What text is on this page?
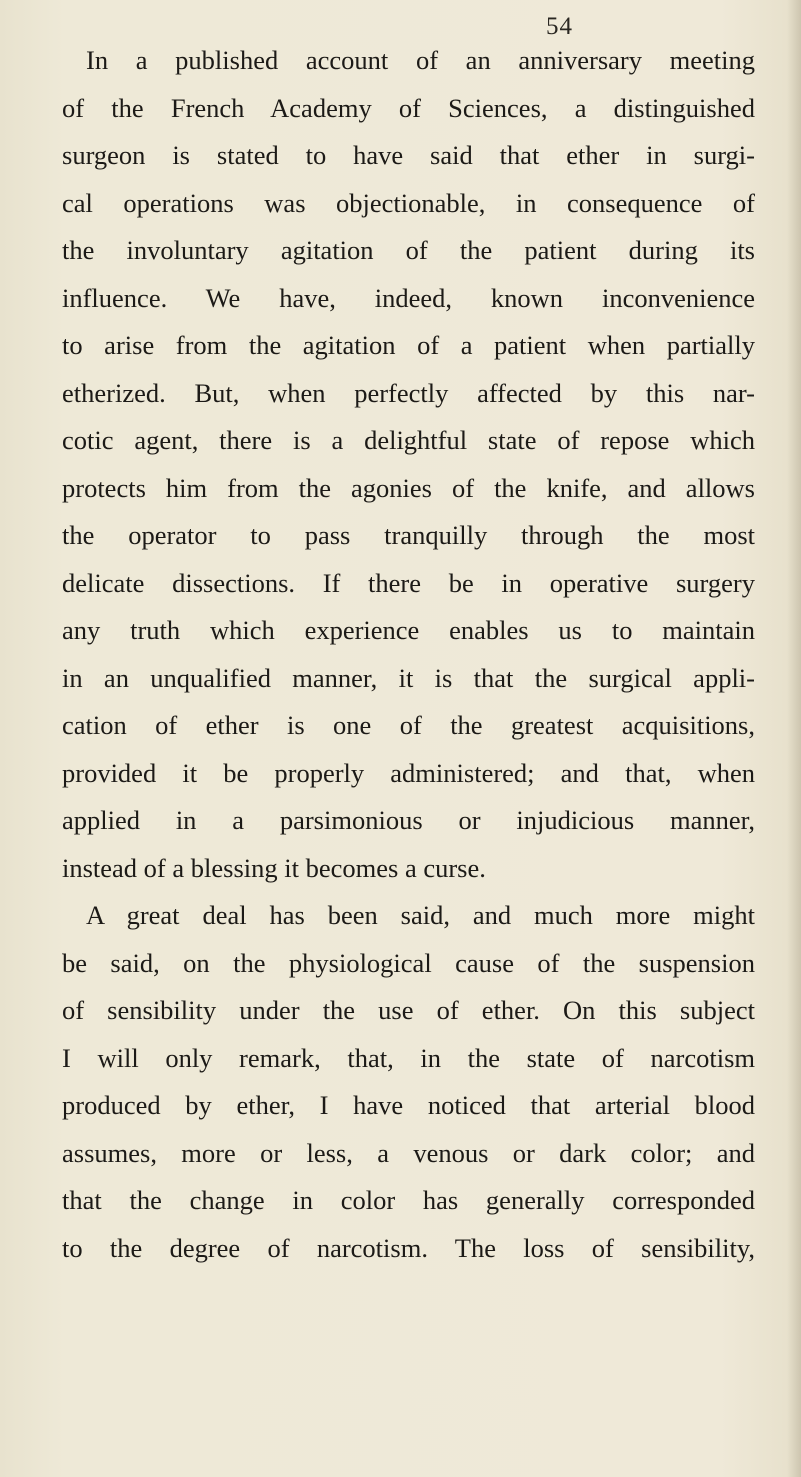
54
In a published account of an anniversary meeting
of the French Academy of Sciences, a distinguished
surgeon is stated to have said that ether in surgi-
cal operations was objectionable, in consequence of
the involuntary agitation of the patient during its
influence. We have, indeed, known inconvenience
to arise from the agitation of a patient when partially
etherized. But, when perfectly affected by this nar-
cotic agent, there is a delightful state of repose which
protects him from the agonies of the knife, and allows
the operator to pass tranquilly through the most
delicate dissections. If there be in operative surgery
any truth which experience enables us to maintain
in an unqualified manner, it is that the surgical appli-
cation of ether is one of the greatest acquisitions,
provided it be properly administered; and that, when
applied in a parsimonious or injudicious manner,
instead of a blessing it becomes a curse.
A great deal has been said, and much more might
be said, on the physiological cause of the suspension
of sensibility under the use of ether. On this subject
I will only remark, that, in the state of narcotism
produced by ether, I have noticed that arterial blood
assumes, more or less, a venous or dark color; and
that the change in color has generally corresponded
to the degree of narcotism. The loss of sensibility,
